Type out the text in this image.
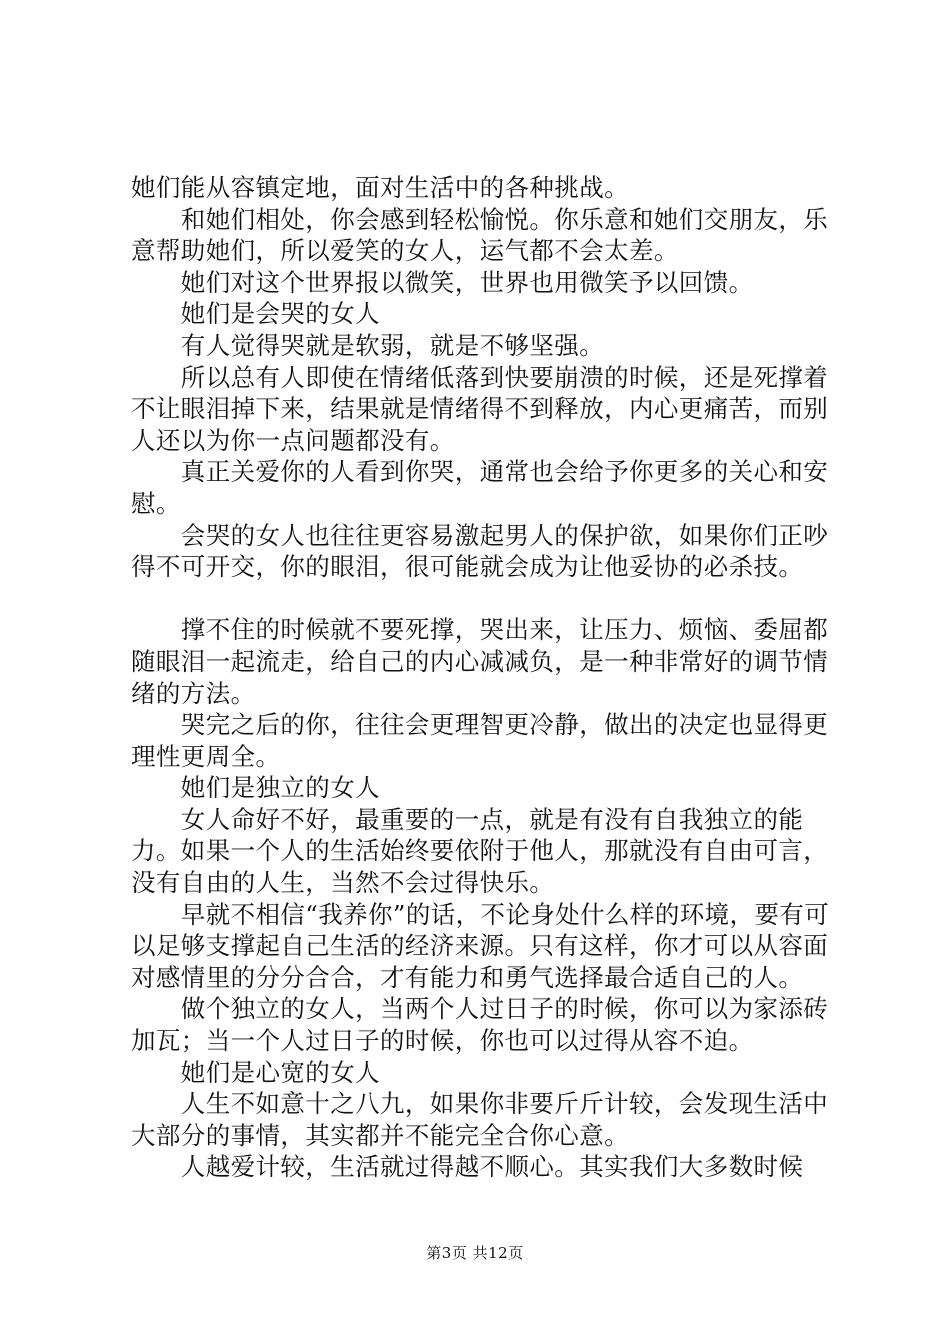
她们能从容镇定地，面对生活中的各种挑战。

　　和她们相处，你会感到轻松愉悦。你乐意和她们交朋友，乐意帮助她们，所以爱笑的女人，运气都不会太差。

　　她们对这个世界报以微笑，世界也用微笑予以回馈。

　　她们是会哭的女人

　　有人觉得哭就是软弱，就是不够坚强。

　　所以总有人即使在情绪低落到快要崩溃的时候，还是死撑着不让眼泪掉下来，结果就是情绪得不到释放，内心更痛苦，而别人还以为你一点问题都没有。

　　真正关爱你的人看到你哭，通常也会给予你更多的关心和安慰。

　　会哭的女人也往往更容易激起男人的保护欲，如果你们正吵得不可开交，你的眼泪，很可能就会成为让他妥协的必杀技。

　　撑不住的时候就不要死撑，哭出来，让压力、烦恼、委屈都随眼泪一起流走，给自己的内心减减负，是一种非常好的调节情绪的方法。

　　哭完之后的你，往往会更理智更冷静，做出的决定也显得更理性更周全。

　　她们是独立的女人

　　女人命好不好，最重要的一点，就是有没有自我独立的能力。如果一个人的生活始终要依附于他人，那就没有自由可言，没有自由的人生，当然不会过得快乐。

　　早就不相信“我养你”的话，不论身处什么样的环境，要有可以足够支撑起自己生活的经济来源。只有这样，你才可以从容面对感情里的分分合合，才有能力和勇气选择最合适自己的人。

　　做个独立的女人，当两个人过日子的时候，你可以为家添砖加瓦；当一个人过日子的时候，你也可以过得从容不迫。

　　她们是心宽的女人

　　人生不如意十之八九，如果你非要斤斤计较，会发现生活中大部分的事情，其实都并不能完全合你心意。

　　人越爱计较，生活就过得越不顺心。其实我们大多数时候

第3页 共12页
